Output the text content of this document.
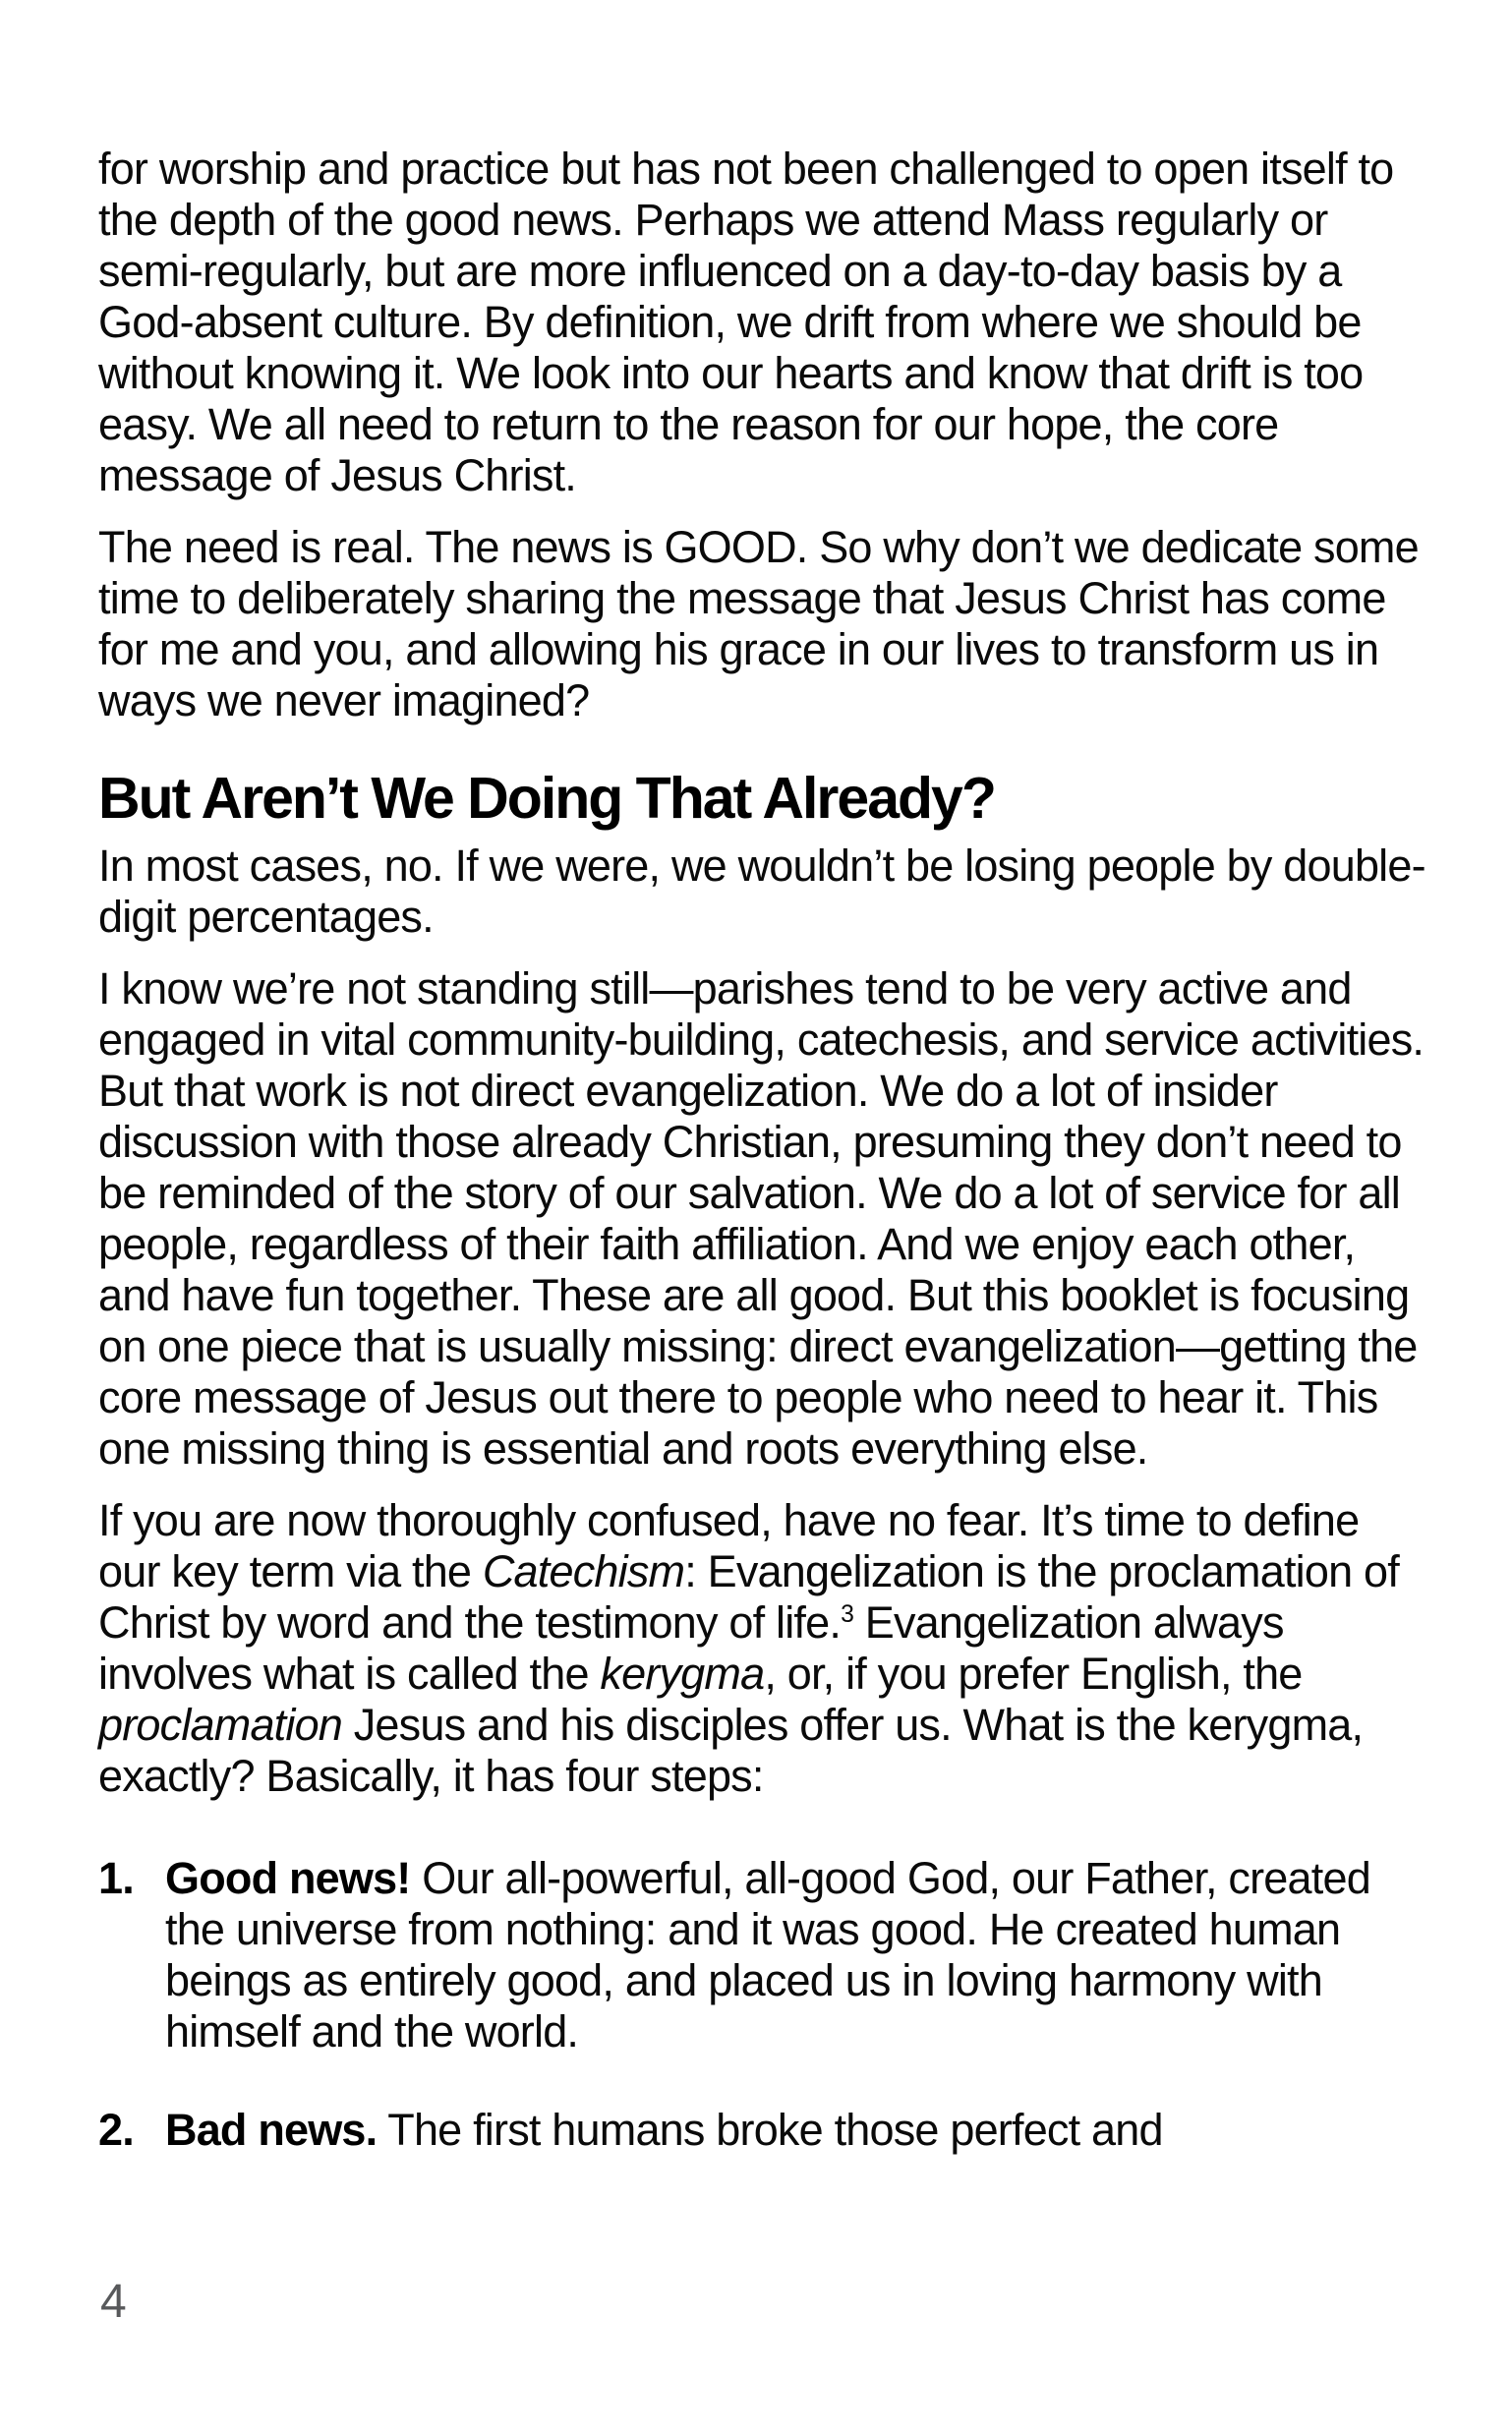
for worship and practice but has not been challenged to open itself to the depth of the good news. Perhaps we attend Mass regularly or semi-regularly, but are more influenced on a day-to-day basis by a God-absent culture. By definition, we drift from where we should be without knowing it. We look into our hearts and know that drift is too easy. We all need to return to the reason for our hope, the core message of Jesus Christ.

The need is real. The news is GOOD. So why don’t we dedicate some time to deliberately sharing the message that Jesus Christ has come for me and you, and allowing his grace in our lives to transform us in ways we never imagined?

But Aren’t We Doing That Already?

In most cases, no. If we were, we wouldn’t be losing people by double-digit percentages.

I know we’re not standing still—parishes tend to be very active and engaged in vital community-building, catechesis, and service activities. But that work is not direct evangelization. We do a lot of insider discussion with those already Christian, presuming they don’t need to be reminded of the story of our salvation. We do a lot of service for all people, regardless of their faith affiliation. And we enjoy each other, and have fun together. These are all good. But this booklet is focusing on one piece that is usually missing: direct evangelization—getting the core message of Jesus out there to people who need to hear it. This one missing thing is essential and roots everything else.

If you are now thoroughly confused, have no fear. It’s time to define our key term via the Catechism: Evangelization is the proclamation of Christ by word and the testimony of life.$^3$ Evangelization always involves what is called the kerygma, or, if you prefer English, the proclamation Jesus and his disciples offer us. What is the kerygma, exactly? Basically, it has four steps:

1. Good news! Our all-powerful, all-good God, our Father, created the universe from nothing: and it was good. He created human beings as entirely good, and placed us in loving harmony with himself and the world.
2. Bad news. The first humans broke those perfect and
4
